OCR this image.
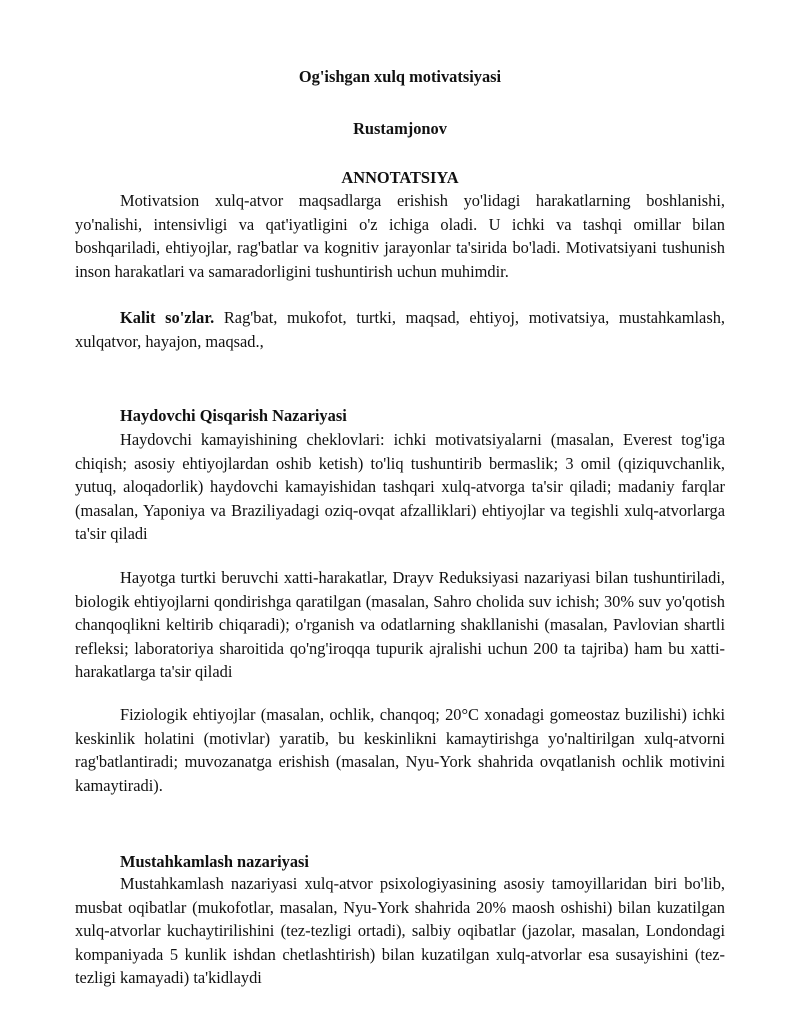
Og'ishgan xulq motivatsiyasi
Rustamjonov
ANNOTATSIYA

Motivatsion xulq-atvor maqsadlarga erishish yo'lidagi harakatlarning boshlanishi, yo'nalishi, intensivligi va qat'iyatligini o'z ichiga oladi. U ichki va tashqi omillar bilan boshqariladi, ehtiyojlar, rag'batlar va kognitiv jarayonlar ta'sirida bo'ladi. Motivatsiyani tushunish inson harakatlari va samaradorligini tushuntirish uchun muhimdir.

Kalit so'zlar. Rag'bat, mukofot, turtki, maqsad, ehtiyoj, motivatsiya, mustahkamlash, xulqatvor, hayajon, maqsad.,

Haydovchi Qisqarish Nazariyasi

Haydovchi kamayishining cheklovlari: ichki motivatsiyalarni (masalan, Everest tog'iga chiqish; asosiy ehtiyojlardan oshib ketish) to'liq tushuntirib bermaslik; 3 omil (qiziquvchanlik, yutuq, aloqadorlik) haydovchi kamayishidan tashqari xulq-atvorga ta'sir qiladi; madaniy farqlar (masalan, Yaponiya va Braziliyadagi oziq-ovqat afzalliklari) ehtiyojlar va tegishli xulq-atvorlarga ta'sir qiladi

Hayotga turtki beruvchi xatti-harakatlar, Drayv Reduksiyasi nazariyasi bilan tushuntiriladi, biologik ehtiyojlarni qondirishga qaratilgan (masalan, Sahro cholida suv ichish; 30% suv yo'qotish chanqoqlikni keltirib chiqaradi); o'rganish va odatlarning shakllanishi (masalan, Pavlovian shartli refleksi; laboratoriya sharoitida qo'ng'iroqqa tupurik ajralishi uchun 200 ta tajriba) ham bu xatti-harakatlarga ta'sir qiladi

Fiziologik ehtiyojlar (masalan, ochlik, chanqoq; 20°C xonadagi gomeostaz buzilishi) ichki keskinlik holatini (motivlar) yaratib, bu keskinlikni kamaytirishga yo'naltirilgan xulq-atvorni rag'batlantiradi; muvozanatga erishish (masalan, Nyu-York shahrida ovqatlanish ochlik motivini kamaytiradi).

Mustahkamlash nazariyasi

Mustahkamlash nazariyasi xulq-atvor psixologiyasining asosiy tamoyillaridan biri bo'lib, musbat oqibatlar (mukofotlar, masalan, Nyu-York shahrida 20% maosh oshishi) bilan kuzatilgan xulq-atvorlar kuchaytirilishini (tez-tezligi ortadi), salbiy oqibatlar (jazolar, masalan, Londondagi kompaniyada 5 kunlik ishdan chetlashtirish) bilan kuzatilgan xulq-atvorlar esa susayishini (tez-tezligi kamayadi) ta'kidlaydi
